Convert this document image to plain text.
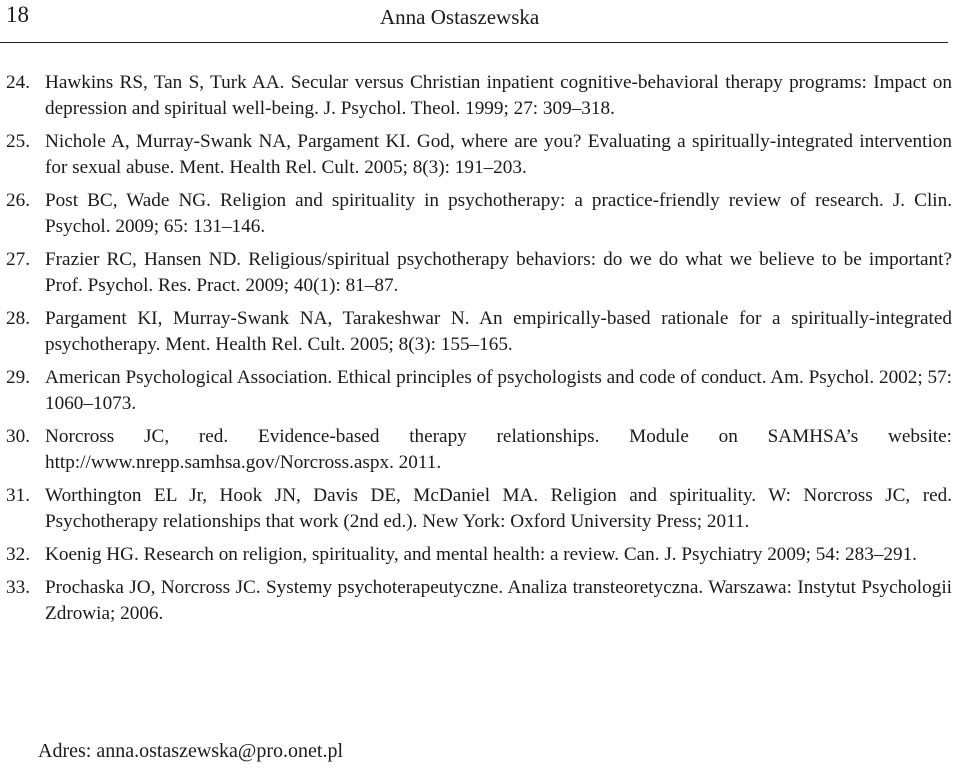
18	Anna Ostaszewska
24. Hawkins RS, Tan S, Turk AA. Secular versus Christian inpatient cognitive-behavioral therapy programs: Impact on depression and spiritual well-being. J. Psychol. Theol. 1999; 27: 309–318.
25. Nichole A, Murray-Swank NA, Pargament KI. God, where are you? Evaluating a spiritually-integrated intervention for sexual abuse. Ment. Health Rel. Cult. 2005; 8(3): 191–203.
26. Post BC, Wade NG. Religion and spirituality in psychotherapy: a practice-friendly review of research. J. Clin. Psychol. 2009; 65: 131–146.
27. Frazier RC, Hansen ND. Religious/spiritual psychotherapy behaviors: do we do what we believe to be important? Prof. Psychol. Res. Pract. 2009; 40(1): 81–87.
28. Pargament KI, Murray-Swank NA, Tarakeshwar N. An empirically-based rationale for a spiritually-integrated psychotherapy. Ment. Health Rel. Cult. 2005; 8(3): 155–165.
29. American Psychological Association. Ethical principles of psychologists and code of conduct. Am. Psychol. 2002; 57: 1060–1073.
30. Norcross JC, red. Evidence-based therapy relationships. Module on SAMHSA’s website: http://www.nrepp.samhsa.gov/Norcross.aspx. 2011.
31. Worthington EL Jr, Hook JN, Davis DE, McDaniel MA. Religion and spirituality. W: Norcross JC, red. Psychotherapy relationships that work (2nd ed.). New York: Oxford University Press; 2011.
32. Koenig HG. Research on religion, spirituality, and mental health: a review. Can. J. Psychiatry 2009; 54: 283–291.
33. Prochaska JO, Norcross JC. Systemy psychoterapeutyczne. Analiza transteoretyczna. Warszawa: Instytut Psychologii Zdrowia; 2006.
Adres: anna.ostaszewska@pro.onet.pl
